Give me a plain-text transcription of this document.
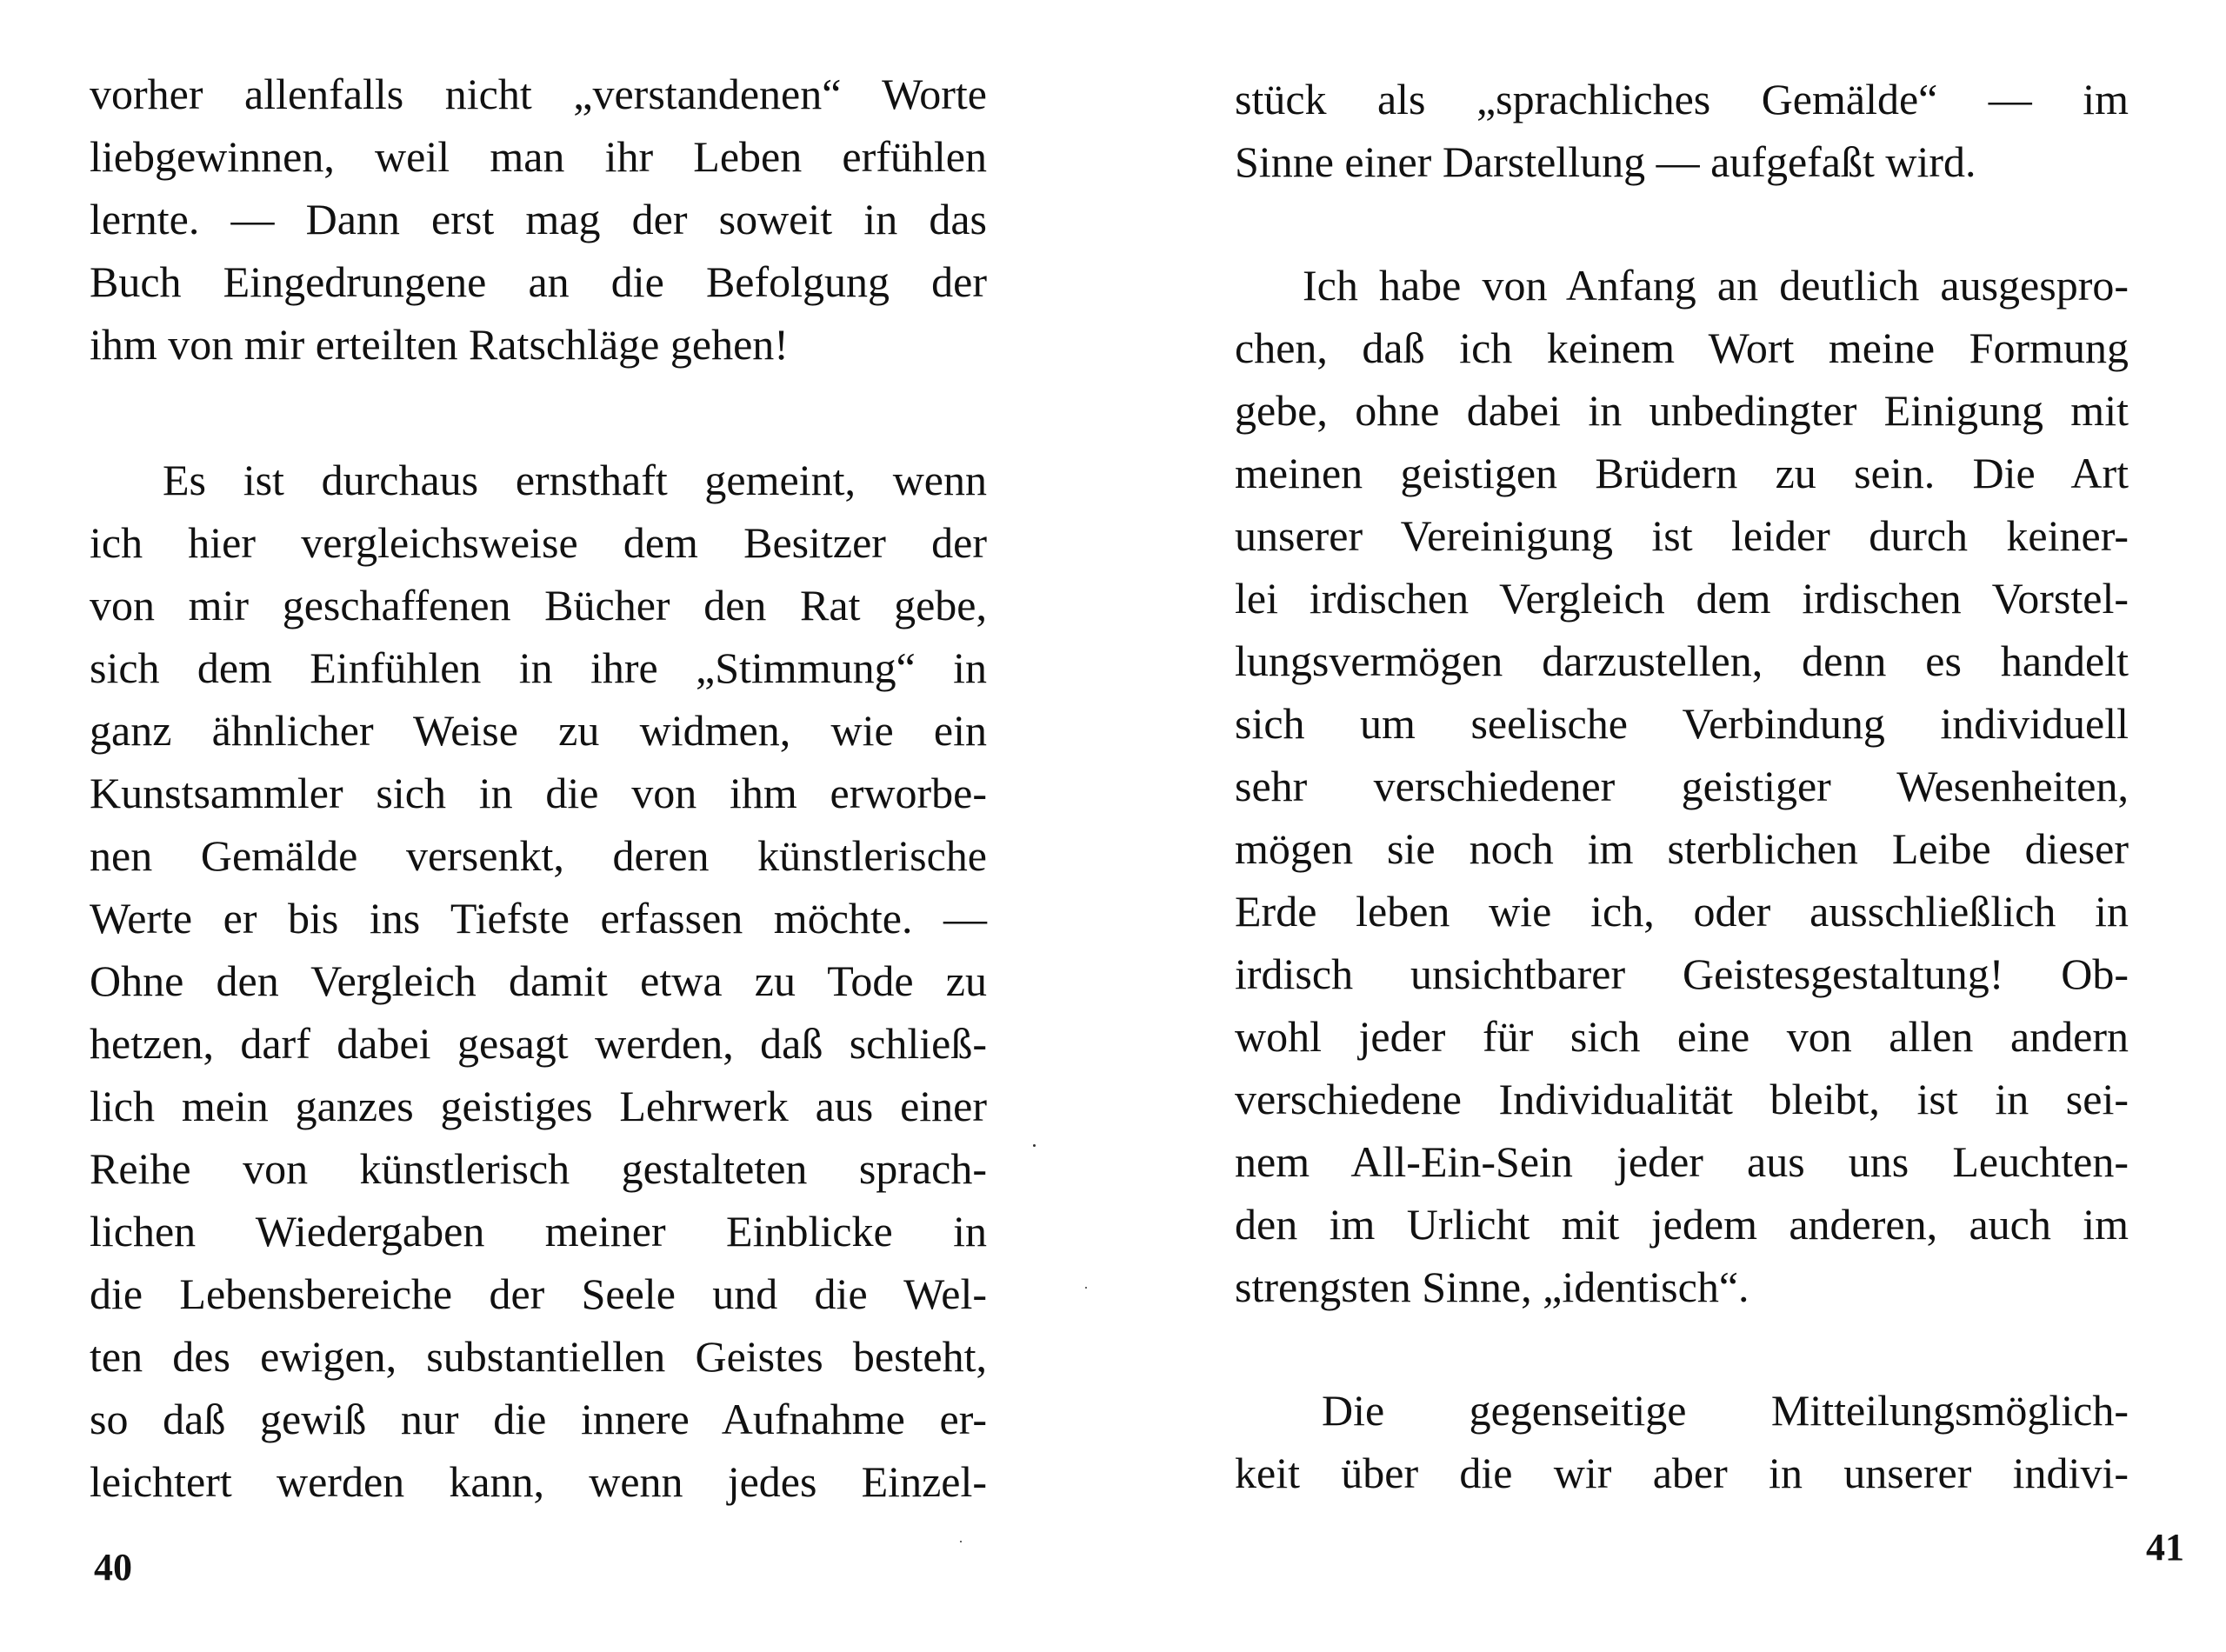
vorher allenfalls nicht „verstandenen“ Worte
liebgewinnen, weil man ihr Leben erfühlen
lernte. — Dann erst mag der soweit in das
Buch Eingedrungene an die Befolgung der
ihm von mir erteilten Ratschläge gehen!
Es ist durchaus ernsthaft gemeint, wenn
ich hier vergleichsweise dem Besitzer der
von mir geschaffenen Bücher den Rat gebe,
sich dem Einfühlen in ihre „Stimmung“ in
ganz ähnlicher Weise zu widmen, wie ein
Kunstsammler sich in die von ihm erworbe-
nen Gemälde versenkt, deren künstlerische
Werte er bis ins Tiefste erfassen möchte. —
Ohne den Vergleich damit etwa zu Tode zu
hetzen, darf dabei gesagt werden, daß schließ-
lich mein ganzes geistiges Lehrwerk aus einer
Reihe von künstlerisch gestalteten sprach-
lichen Wiedergaben meiner Einblicke in
die Lebensbereiche der Seele und die Wel-
ten des ewigen, substantiellen Geistes besteht,
so daß gewiß nur die innere Aufnahme er-
leichtert werden kann, wenn jedes Einzel-
40
stück als „sprachliches Gemälde“ — im
Sinne einer Darstellung — aufgefaßt wird.
Ich habe von Anfang an deutlich ausgespro-
chen, daß ich keinem Wort meine Formung
gebe, ohne dabei in unbedingter Einigung mit
meinen geistigen Brüdern zu sein. Die Art
unserer Vereinigung ist leider durch keiner-
lei irdischen Vergleich dem irdischen Vorstel-
lungsvermögen darzustellen, denn es handelt
sich um seelische Verbindung individuell
sehr verschiedener geistiger Wesenheiten,
mögen sie noch im sterblichen Leibe dieser
Erde leben wie ich, oder ausschließlich in
irdisch unsichtbarer Geistesgestaltung! Ob-
wohl jeder für sich eine von allen andern
verschiedene Individualität bleibt, ist in sei-
nem All-Ein-Sein jeder aus uns Leuchten-
den im Urlicht mit jedem anderen, auch im
strengsten Sinne, „identisch“.
Die gegenseitige Mitteilungsmöglich-
keit über die wir aber in unserer indivi-
41
